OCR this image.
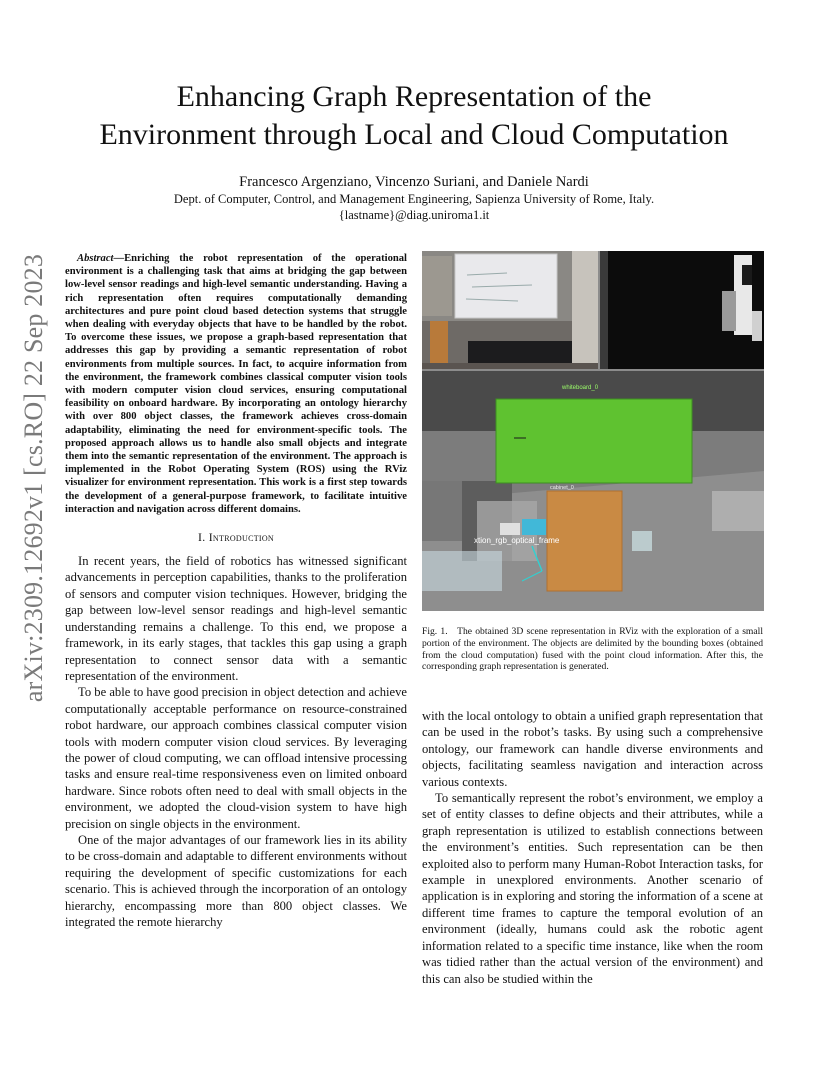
arXiv:2309.12692v1 [cs.RO] 22 Sep 2023
Enhancing Graph Representation of the
Environment through Local and Cloud Computation
Francesco Argenziano, Vincenzo Suriani, and Daniele Nardi
Dept. of Computer, Control, and Management Engineering, Sapienza University of Rome, Italy.
{lastname}@diag.uniroma1.it

Abstract—Enriching the robot representation of the operational environment is a challenging task that aims at bridging the gap between low-level sensor readings and high-level semantic understanding. Having a rich representation often requires computationally demanding architectures and pure point cloud based detection systems that struggle when dealing with everyday objects that have to be handled by the robot. To overcome these issues, we propose a graph-based representation that addresses this gap by providing a semantic representation of robot environments from multiple sources. In fact, to acquire information from the environment, the framework combines classical computer vision tools with modern computer vision cloud services, ensuring computational feasibility on onboard hardware. By incorporating an ontology hierarchy with over 800 object classes, the framework achieves cross-domain adaptability, eliminating the need for environment-specific tools. The proposed approach allows us to handle also small objects and integrate them into the semantic representation of the environment. The approach is implemented in the Robot Operating System (ROS) using the RViz visualizer for environment representation. This work is a first step towards the development of a general-purpose framework, to facilitate intuitive interaction and navigation across different domains.

I. Introduction

In recent years, the field of robotics has witnessed significant advancements in perception capabilities, thanks to the proliferation of sensors and computer vision techniques. However, bridging the gap between low-level sensor readings and high-level semantic understanding remains a challenge. To this end, we propose a framework, in its early stages, that tackles this gap using a graph representation to connect sensor data with a semantic representation of the environment.

To be able to have good precision in object detection and achieve computationally acceptable performance on resource-constrained robot hardware, our approach combines classical computer vision tools with modern computer vision cloud services. By leveraging the power of cloud computing, we can offload intensive processing tasks and ensure real-time responsiveness even on limited onboard hardware. Since robots often need to deal with small objects in the environment, we adopted the cloud-vision system to have high precision on single objects in the environment.

One of the major advantages of our framework lies in its ability to be cross-domain and adaptable to different environments without requiring the development of specific customizations for each scenario. This is achieved through the incorporation of an ontology hierarchy, encompassing more than 800 object classes. We integrated the remote hierarchy

whiteboard_0
cabinet_0
xtion_rgb_optical_frame

Fig. 1. The obtained 3D scene representation in RViz with the exploration of a small portion of the environment. The objects are delimited by the bounding boxes (obtained from the cloud computation) fused with the point cloud information. After this, the corresponding graph representation is generated.

with the local ontology to obtain a unified graph representation that can be used in the robot’s tasks. By using such a comprehensive ontology, our framework can handle diverse environments and objects, facilitating seamless navigation and interaction across various contexts.

To semantically represent the robot’s environment, we employ a set of entity classes to define objects and their attributes, while a graph representation is utilized to establish connections between the environment’s entities. Such representation can be then exploited also to perform many Human-Robot Interaction tasks, for example in unexplored environments. Another scenario of application is in exploring and storing the information of a scene at different time frames to capture the temporal evolution of an environment (ideally, humans could ask the robotic agent information related to a specific time instance, like when the room was tidied rather than the actual version of the environment) and this can also be studied within the
